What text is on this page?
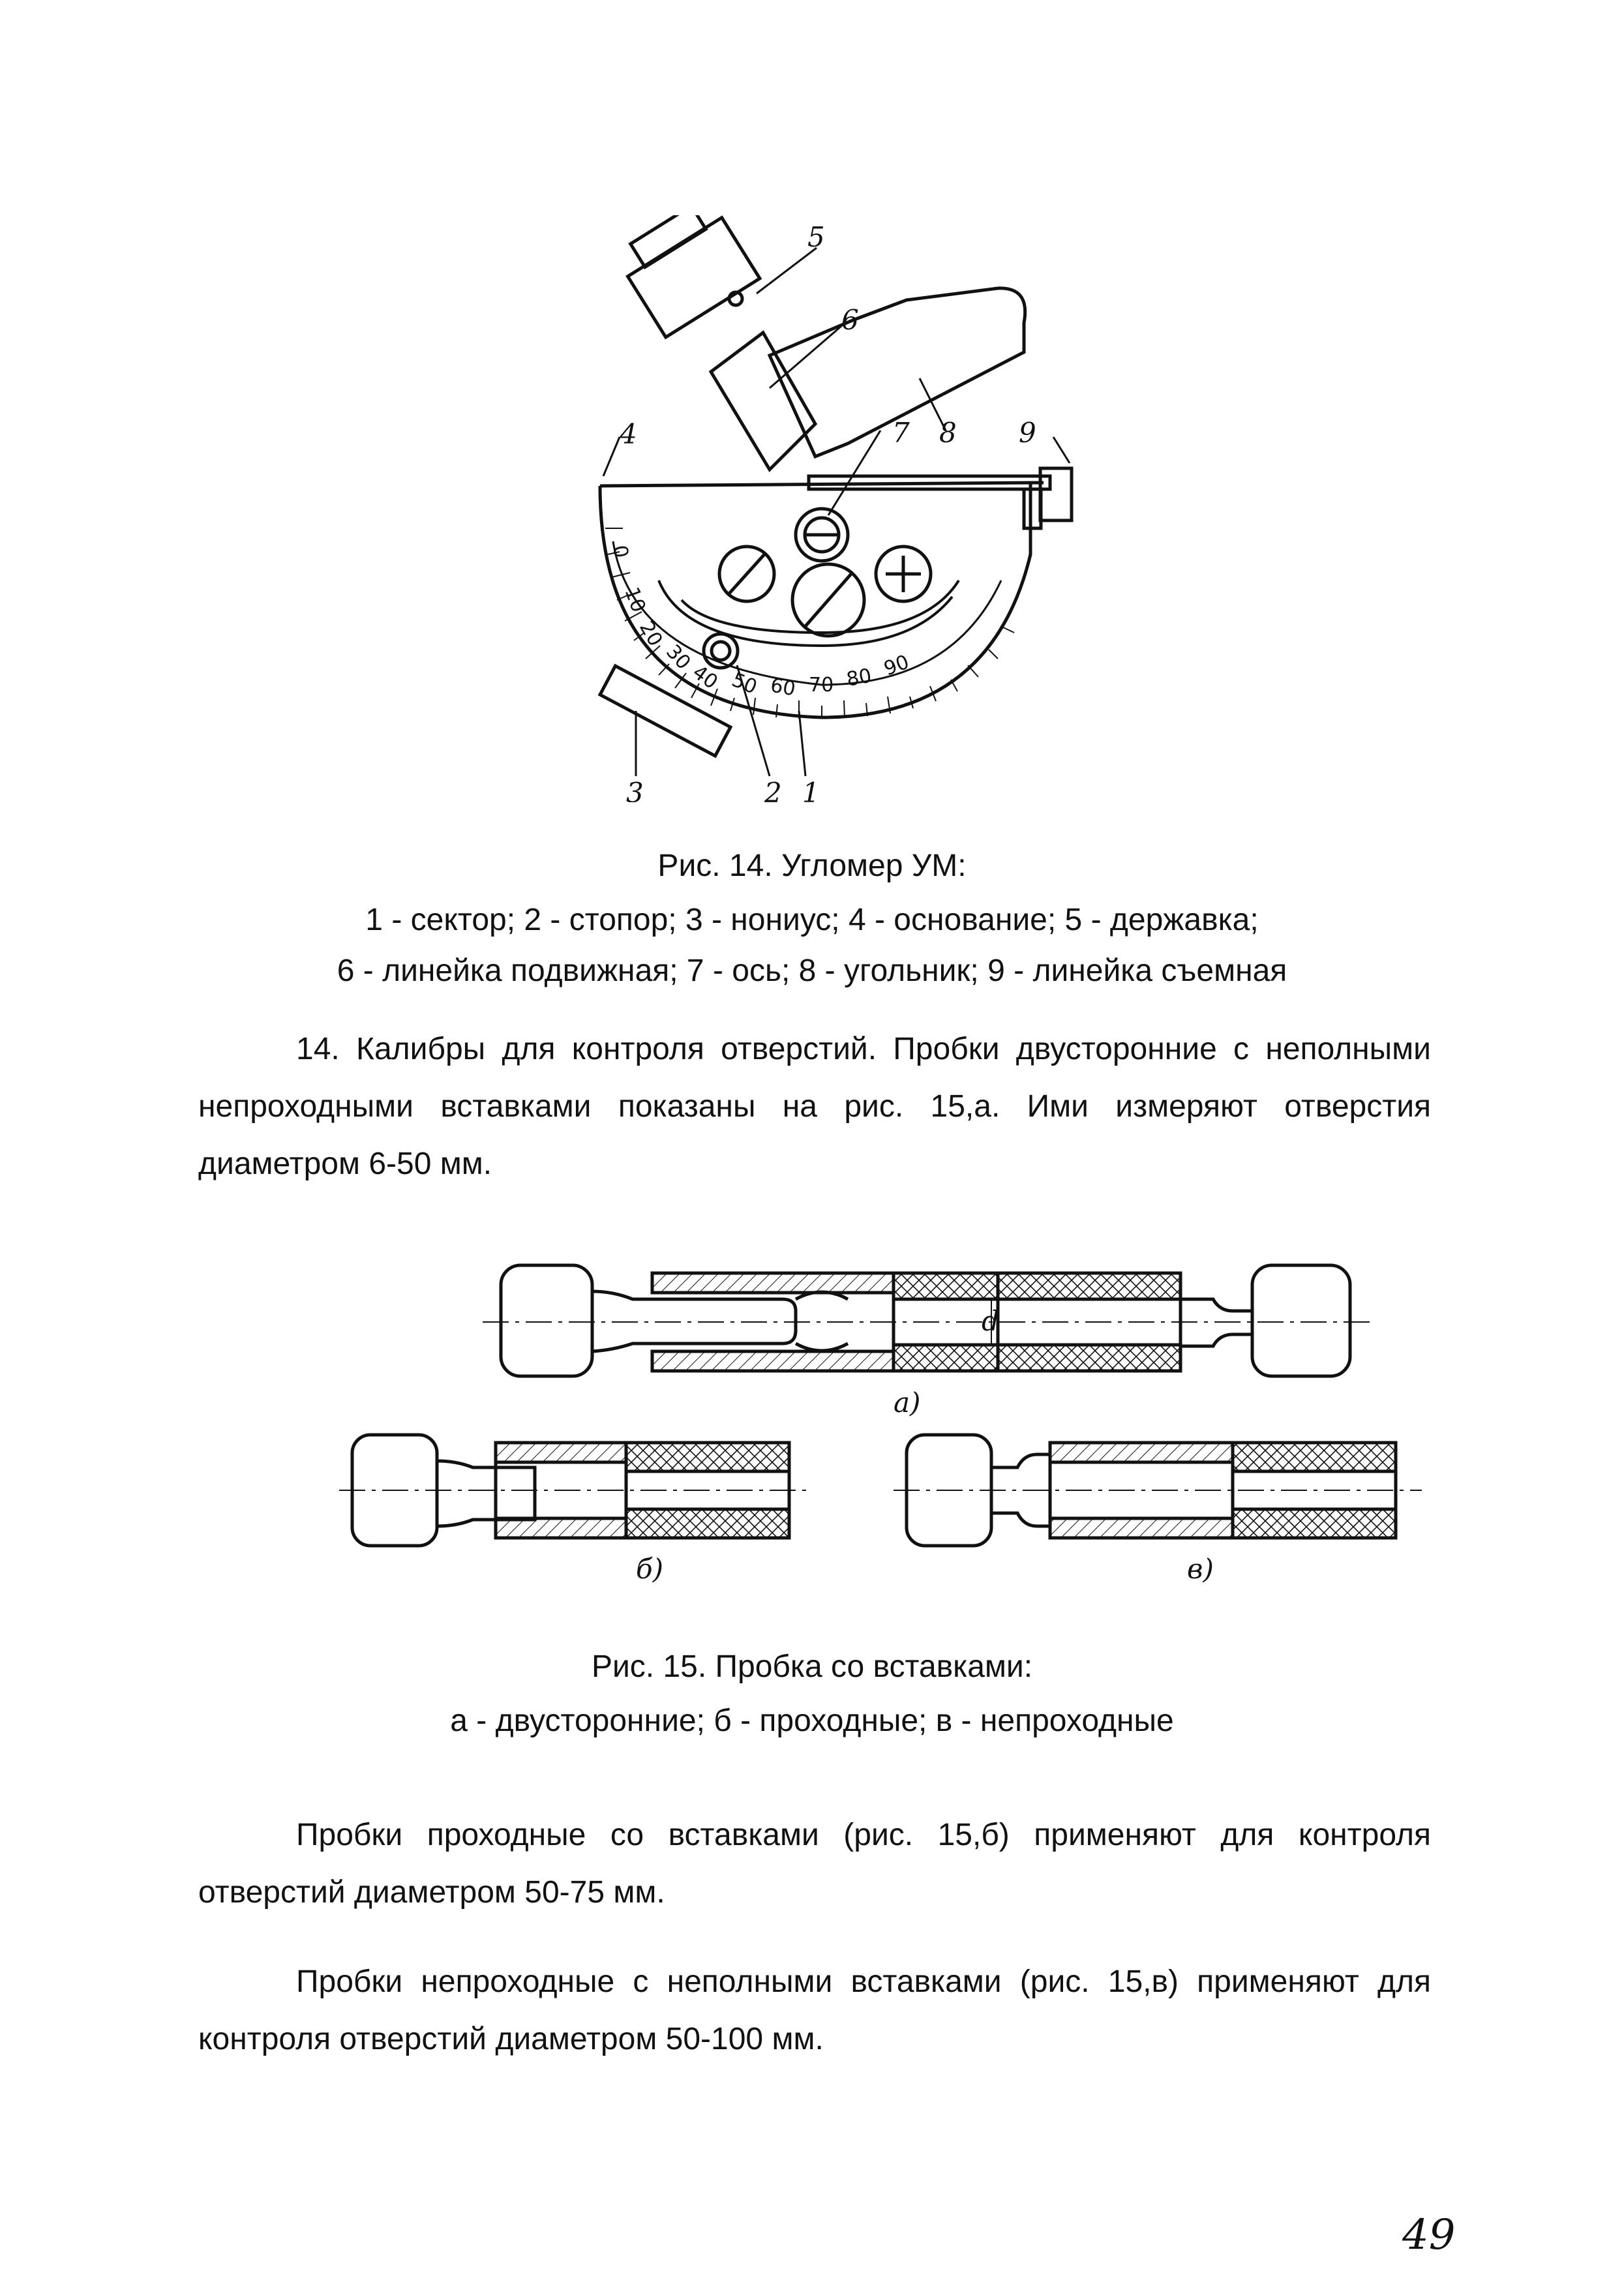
0
10
20
30
40 50 60 70 80 90
5
6
7 8 9
4
3	2 1
Рис. 14. Угломер УМ:
1 - сектор; 2 - стопор; 3 - нониус; 4 - основание; 5 - державка;
6 - линейка подвижная; 7 - ось; 8 - угольник; 9 - линейка съемная
14. Калибры для контроля отверстий. Пробки двусторонние с неполными непроходными вставками показаны на рис. 15,а. Ими измеряют отверстия диаметром 6-50 мм.
d
а)
б)	в)
Рис. 15. Пробка со вставками:
а - двусторонние; б - проходные; в - непроходные
Пробки проходные со вставками (рис. 15,б) применяют для контроля отверстий диаметром 50-75 мм.
Пробки непроходные с неполными вставками (рис. 15,в) применяют для контроля отверстий диаметром 50-100 мм.
49
